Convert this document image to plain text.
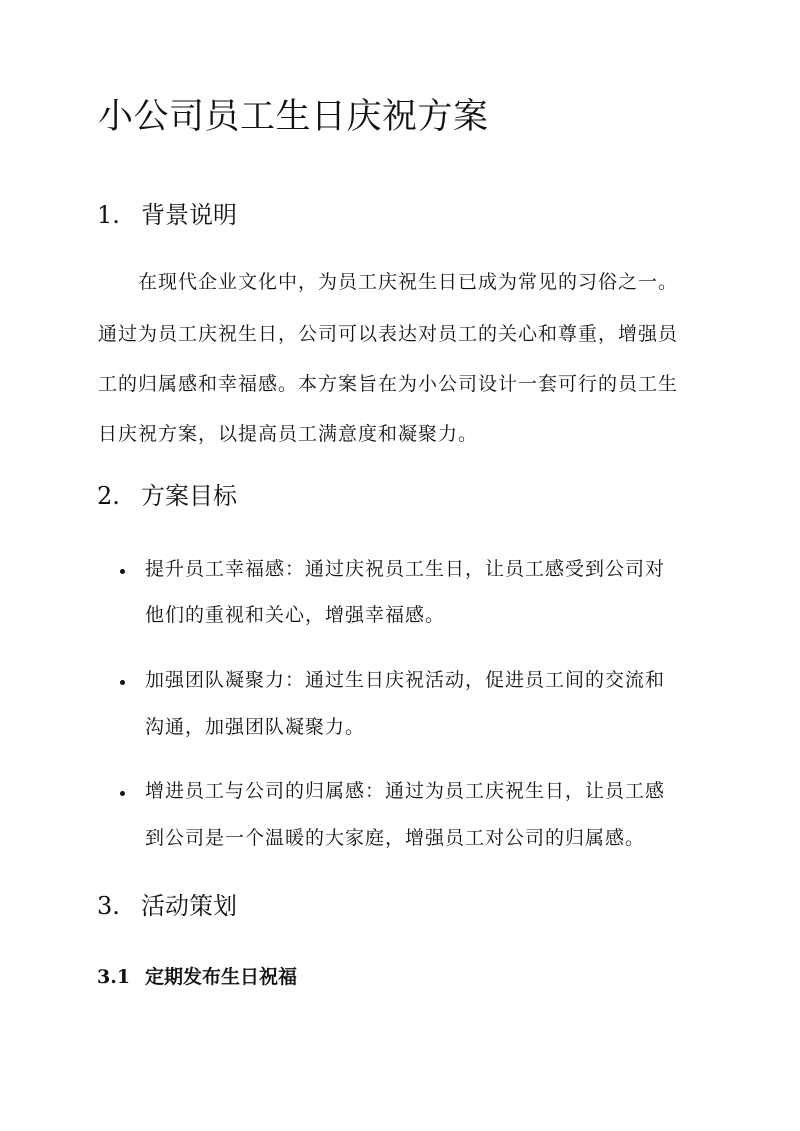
小公司员工生日庆祝方案
1. 背景说明
在现代企业文化中，为员工庆祝生日已成为常见的习俗之一。
通过为员工庆祝生日，公司可以表达对员工的关心和尊重，增强员
工的归属感和幸福感。本方案旨在为小公司设计一套可行的员工生
日庆祝方案，以提高员工满意度和凝聚力。
2. 方案目标
提升员工幸福感：通过庆祝员工生日，让员工感受到公司对
他们的重视和关心，增强幸福感。
加强团队凝聚力：通过生日庆祝活动，促进员工间的交流和
沟通，加强团队凝聚力。
增进员工与公司的归属感：通过为员工庆祝生日，让员工感
到公司是一个温暖的大家庭，增强员工对公司的归属感。
3. 活动策划
3.1 定期发布生日祝福
